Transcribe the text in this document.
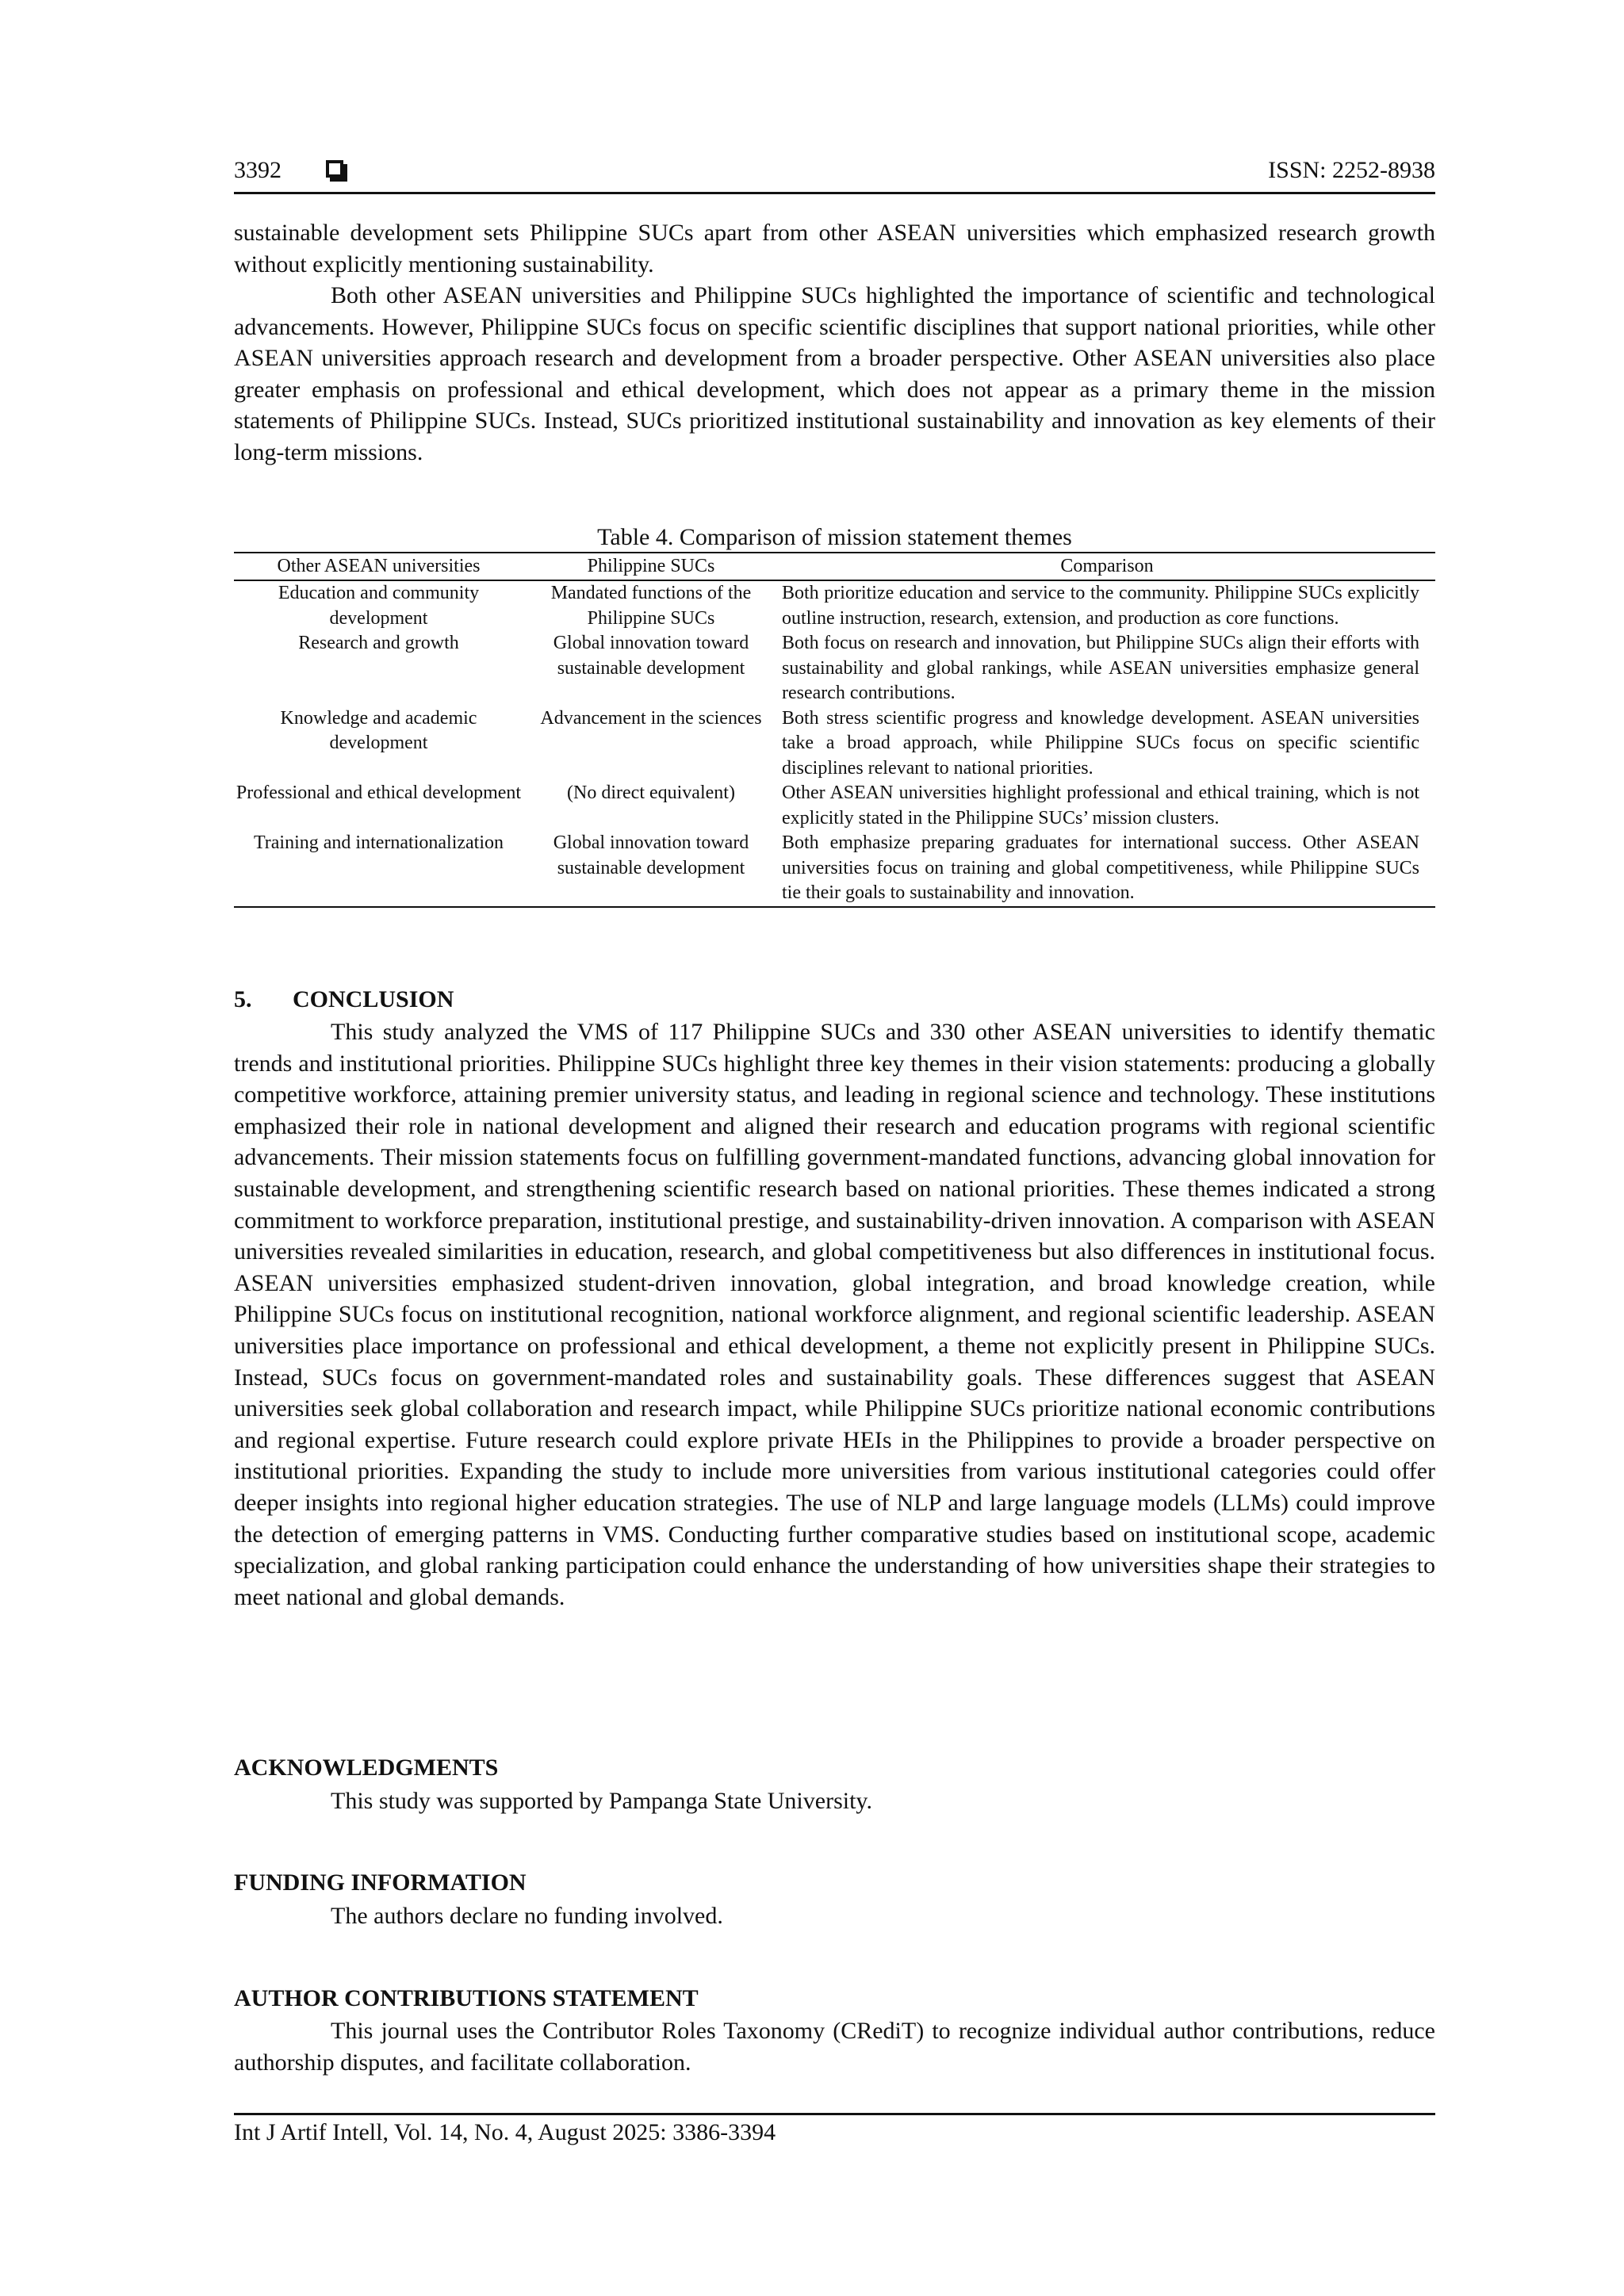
3392	ISSN: 2252-8938

sustainable development sets Philippine SUCs apart from other ASEAN universities which emphasized research growth without explicitly mentioning sustainability.

Both other ASEAN universities and Philippine SUCs highlighted the importance of scientific and technological advancements. However, Philippine SUCs focus on specific scientific disciplines that support national priorities, while other ASEAN universities approach research and development from a broader perspective. Other ASEAN universities also place greater emphasis on professional and ethical development, which does not appear as a primary theme in the mission statements of Philippine SUCs. Instead, SUCs prioritized institutional sustainability and innovation as key elements of their long-term missions.

Table 4. Comparison of mission statement themes
Other ASEAN universities	Philippine SUCs	Comparison
Education and community development	Mandated functions of the Philippine SUCs	Both prioritize education and service to the community. Philippine SUCs explicitly outline instruction, research, extension, and production as core functions.
Research and growth	Global innovation toward sustainable development	Both focus on research and innovation, but Philippine SUCs align their efforts with sustainability and global rankings, while ASEAN universities emphasize general research contributions.
Knowledge and academic development	Advancement in the sciences	Both stress scientific progress and knowledge development. ASEAN universities take a broad approach, while Philippine SUCs focus on specific scientific disciplines relevant to national priorities.
Professional and ethical development	(No direct equivalent)	Other ASEAN universities highlight professional and ethical training, which is not explicitly stated in the Philippine SUCs’ mission clusters.
Training and internationalization	Global innovation toward sustainable development	Both emphasize preparing graduates for international success. Other ASEAN universities focus on training and global competitiveness, while Philippine SUCs tie their goals to sustainability and innovation.
5. CONCLUSION

This study analyzed the VMS of 117 Philippine SUCs and 330 other ASEAN universities to identify thematic trends and institutional priorities. Philippine SUCs highlight three key themes in their vision statements: producing a globally competitive workforce, attaining premier university status, and leading in regional science and technology. These institutions emphasized their role in national development and aligned their research and education programs with regional scientific advancements. Their mission statements focus on fulfilling government-mandated functions, advancing global innovation for sustainable development, and strengthening scientific research based on national priorities. These themes indicated a strong commitment to workforce preparation, institutional prestige, and sustainability-driven innovation. A comparison with ASEAN universities revealed similarities in education, research, and global competitiveness but also differences in institutional focus. ASEAN universities emphasized student-driven innovation, global integration, and broad knowledge creation, while Philippine SUCs focus on institutional recognition, national workforce alignment, and regional scientific leadership. ASEAN universities place importance on professional and ethical development, a theme not explicitly present in Philippine SUCs. Instead, SUCs focus on government-mandated roles and sustainability goals. These differences suggest that ASEAN universities seek global collaboration and research impact, while Philippine SUCs prioritize national economic contributions and regional expertise. Future research could explore private HEIs in the Philippines to provide a broader perspective on institutional priorities. Expanding the study to include more universities from various institutional categories could offer deeper insights into regional higher education strategies. The use of NLP and large language models (LLMs) could improve the detection of emerging patterns in VMS. Conducting further comparative studies based on institutional scope, academic specialization, and global ranking participation could enhance the understanding of how universities shape their strategies to meet national and global demands.

ACKNOWLEDGMENTS

This study was supported by Pampanga State University.

FUNDING INFORMATION

The authors declare no funding involved.

AUTHOR CONTRIBUTIONS STATEMENT

This journal uses the Contributor Roles Taxonomy (CRediT) to recognize individual author contributions, reduce authorship disputes, and facilitate collaboration.

Int J Artif Intell, Vol. 14, No. 4, August 2025: 3386-3394
